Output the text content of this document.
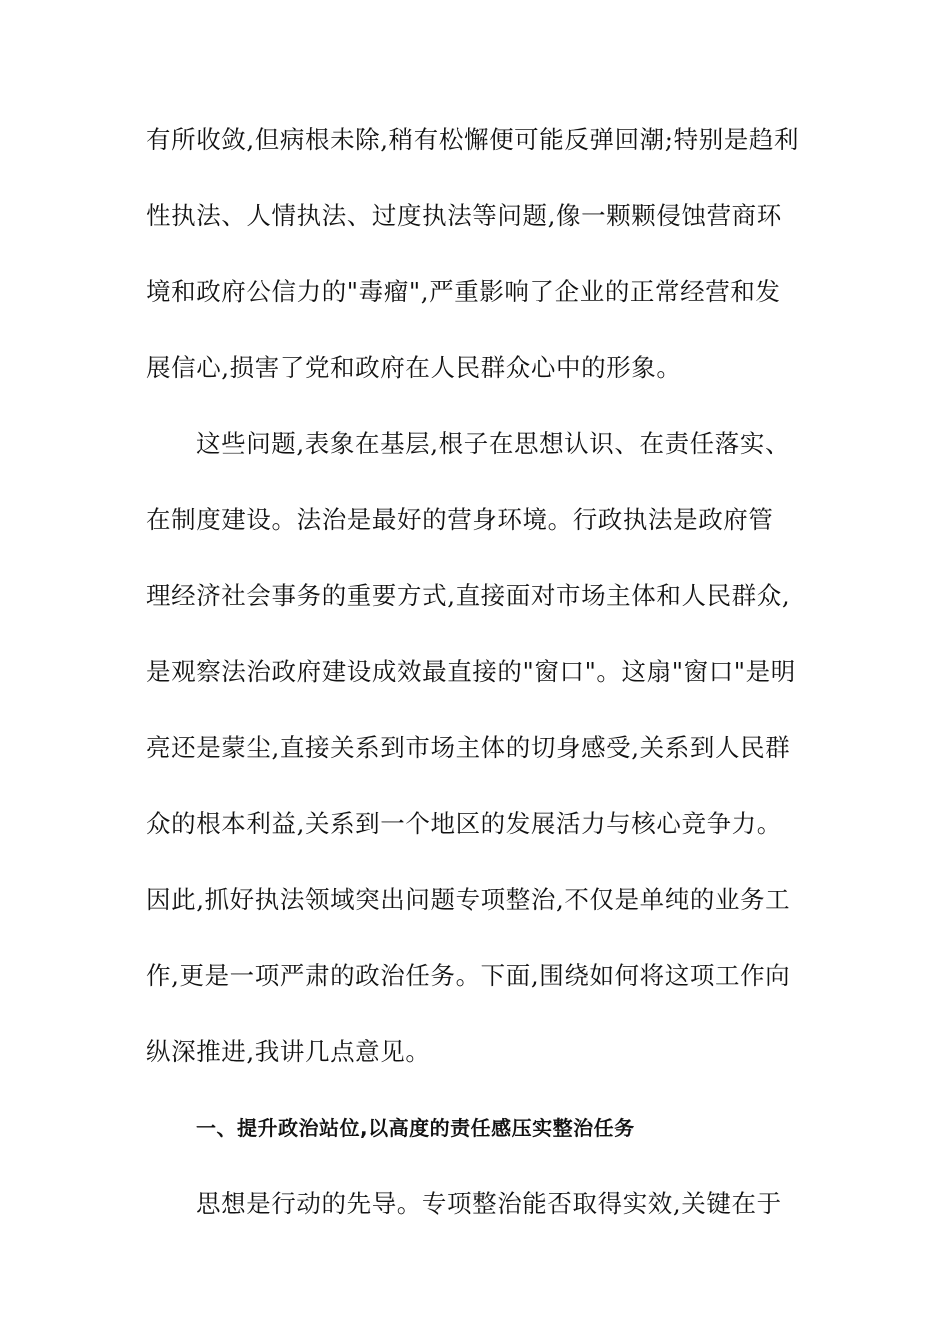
有所收敛,但病根未除,稍有松懈便可能反弹回潮;特别是趋利
性执法、人情执法、过度执法等问题,像一颗颗侵蚀营商环
境和政府公信力的"毒瘤",严重影响了企业的正常经营和发
展信心,损害了党和政府在人民群众心中的形象。
这些问题,表象在基层,根子在思想认识、在责任落实、
在制度建设。法治是最好的营身环境。行政执法是政府管
理经济社会事务的重要方式,直接面对市场主体和人民群众,
是观察法治政府建设成效最直接的"窗口"。这扇"窗口"是明
亮还是蒙尘,直接关系到市场主体的切身感受,关系到人民群
众的根本利益,关系到一个地区的发展活力与核心竞争力。
因此,抓好执法领域突出问题专项整治,不仅是单纯的业务工
作,更是一项严肃的政治任务。下面,围绕如何将这项工作向
纵深推进,我讲几点意见。
一、提升政治站位,以高度的责任感压实整治任务
思想是行动的先导。专项整治能否取得实效,关键在于
